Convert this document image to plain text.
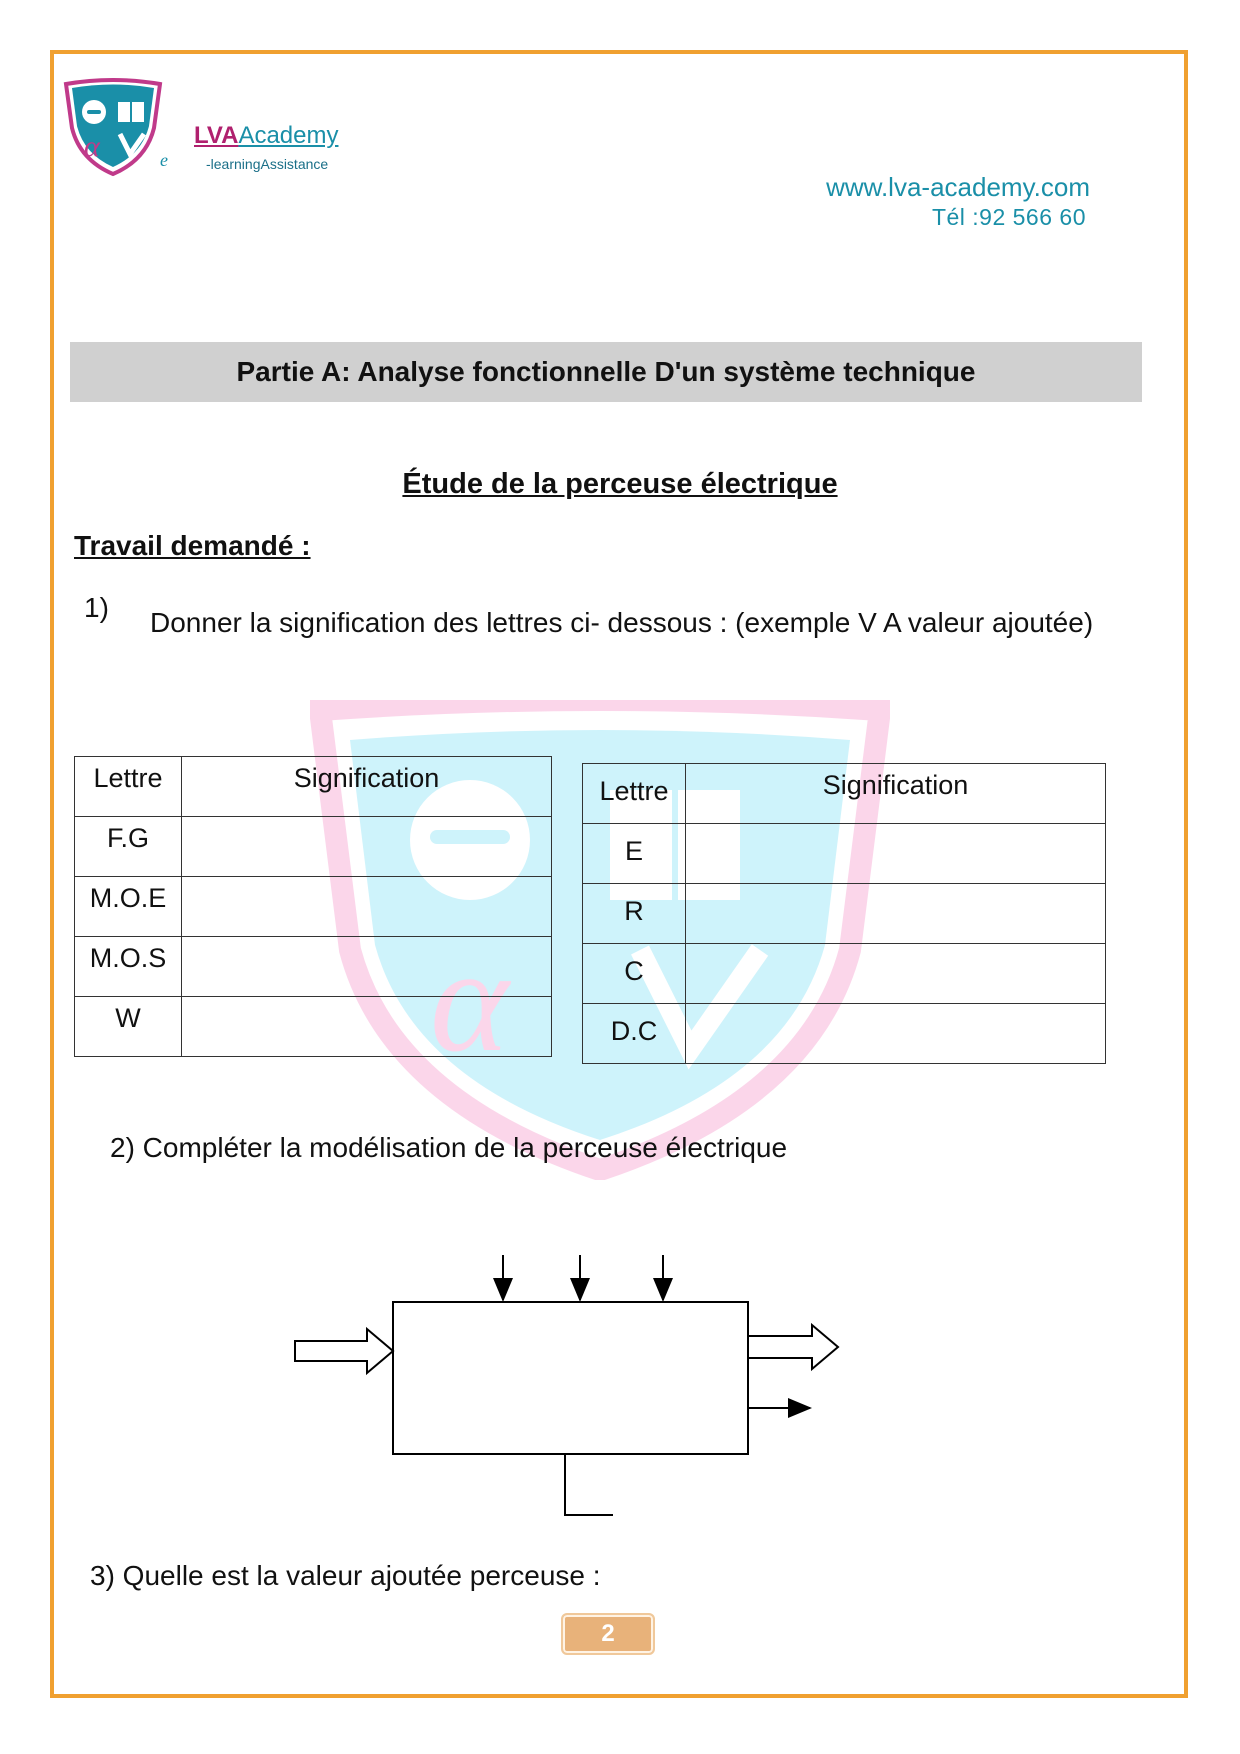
α	LVAAcademy
e	-learningAssistance
www.lva-academy.com
Tél :92 566 60
Partie A: Analyse fonctionnelle D'un système technique
Étude de la perceuse électrique
Travail demandé :
1) Donner la signification des lettres ci- dessous : (exemple V A valeur ajoutée)
α
Lettre	Signification
F.G	
M.O.E	
M.O.S	
W	
Lettre	Signification
E	
R	
C	
D.C	
2) Compléter la modélisation de la perceuse électrique
3) Quelle est la valeur ajoutée perceuse :
2
